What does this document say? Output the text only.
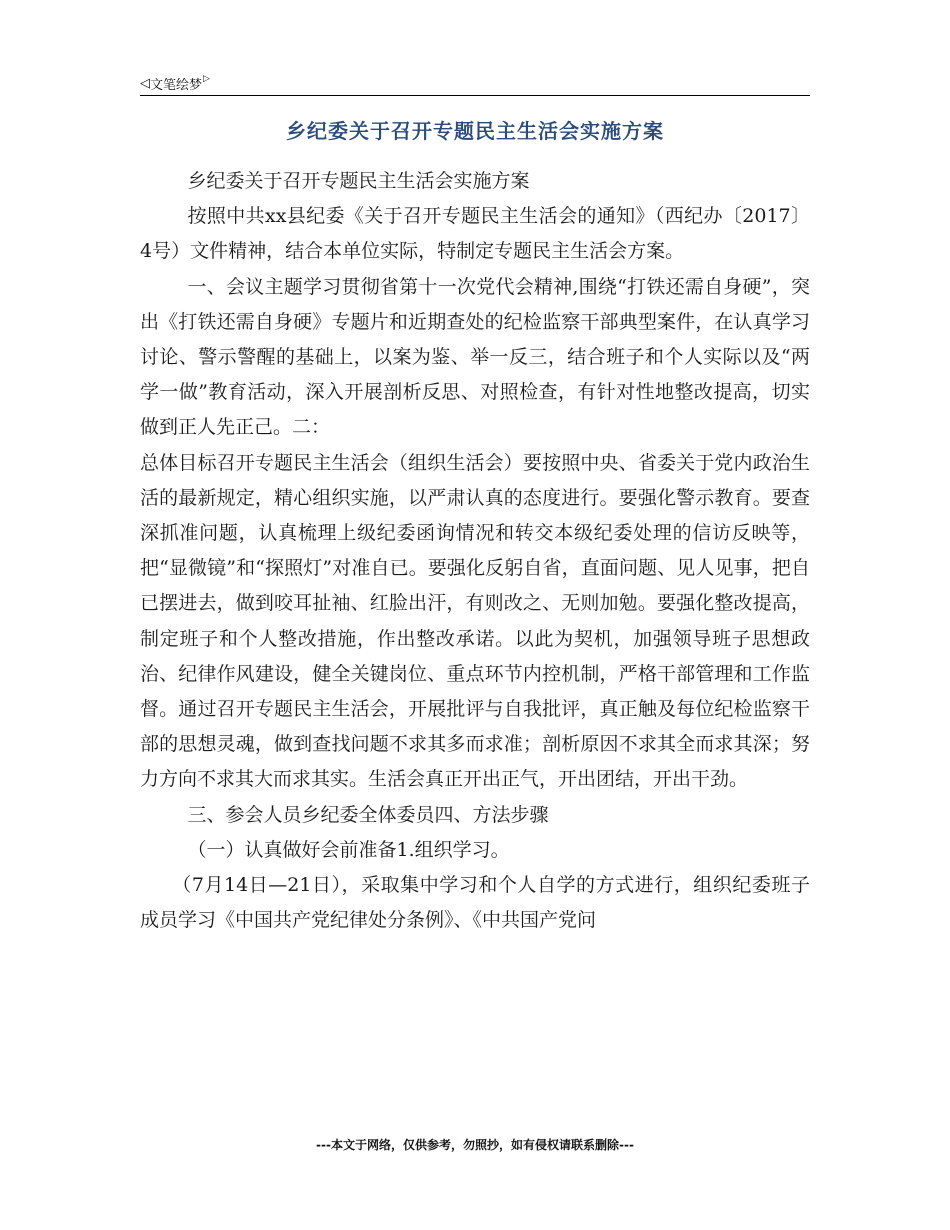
◁ 文笔绘梦 ▷
乡纪委关于召开专题民主生活会实施方案

乡纪委关于召开专题民主生活会实施方案

按照中共xx县纪委《关于召开专题民主生活会的通知》（西纪办〔2017〕4号）文件精神，结合本单位实际，特制定专题民主生活会方案。

一、会议主题学习贯彻省第十一次党代会精神,围绕“打铁还需自身硬”，突出《打铁还需自身硬》专题片和近期查处的纪检监察干部典型案件，在认真学习讨论、警示警醒的基础上，以案为鉴、举一反三，结合班子和个人实际以及“两学一做”教育活动，深入开展剖析反思、对照检查，有针对性地整改提高，切实做到正人先正己。二：

总体目标召开专题民主生活会（组织生活会）要按照中央、省委关于党内政治生活的最新规定，精心组织实施，以严肃认真的态度进行。要强化警示教育。要查深抓准问题，认真梳理上级纪委函询情况和转交本级纪委处理的信访反映等，把“显微镜”和“探照灯”对准自已。要强化反躬自省，直面问题、见人见事，把自已摆进去，做到咬耳扯袖、红脸出汗，有则改之、无则加勉。要强化整改提高，制定班子和个人整改措施，作出整改承诺。以此为契机，加强领导班子思想政治、纪律作风建设，健全关键岗位、重点环节内控机制，严格干部管理和工作监督。通过召开专题民主生活会，开展批评与自我批评，真正触及每位纪检监察干部的思想灵魂，做到查找问题不求其多而求准；剖析原因不求其全而求其深；努力方向不求其大而求其实。生活会真正开出正气，开出团结，开出干劲。

三、参会人员乡纪委全体委员四、方法步骤

（一）认真做好会前准备1.组织学习。

（7月14日—21日），采取集中学习和个人自学的方式进行，组织纪委班子成员学习《中国共产党纪律处分条例》、《中共国产党问

---本文于网络，仅供参考，勿照抄，如有侵权请联系删除---
